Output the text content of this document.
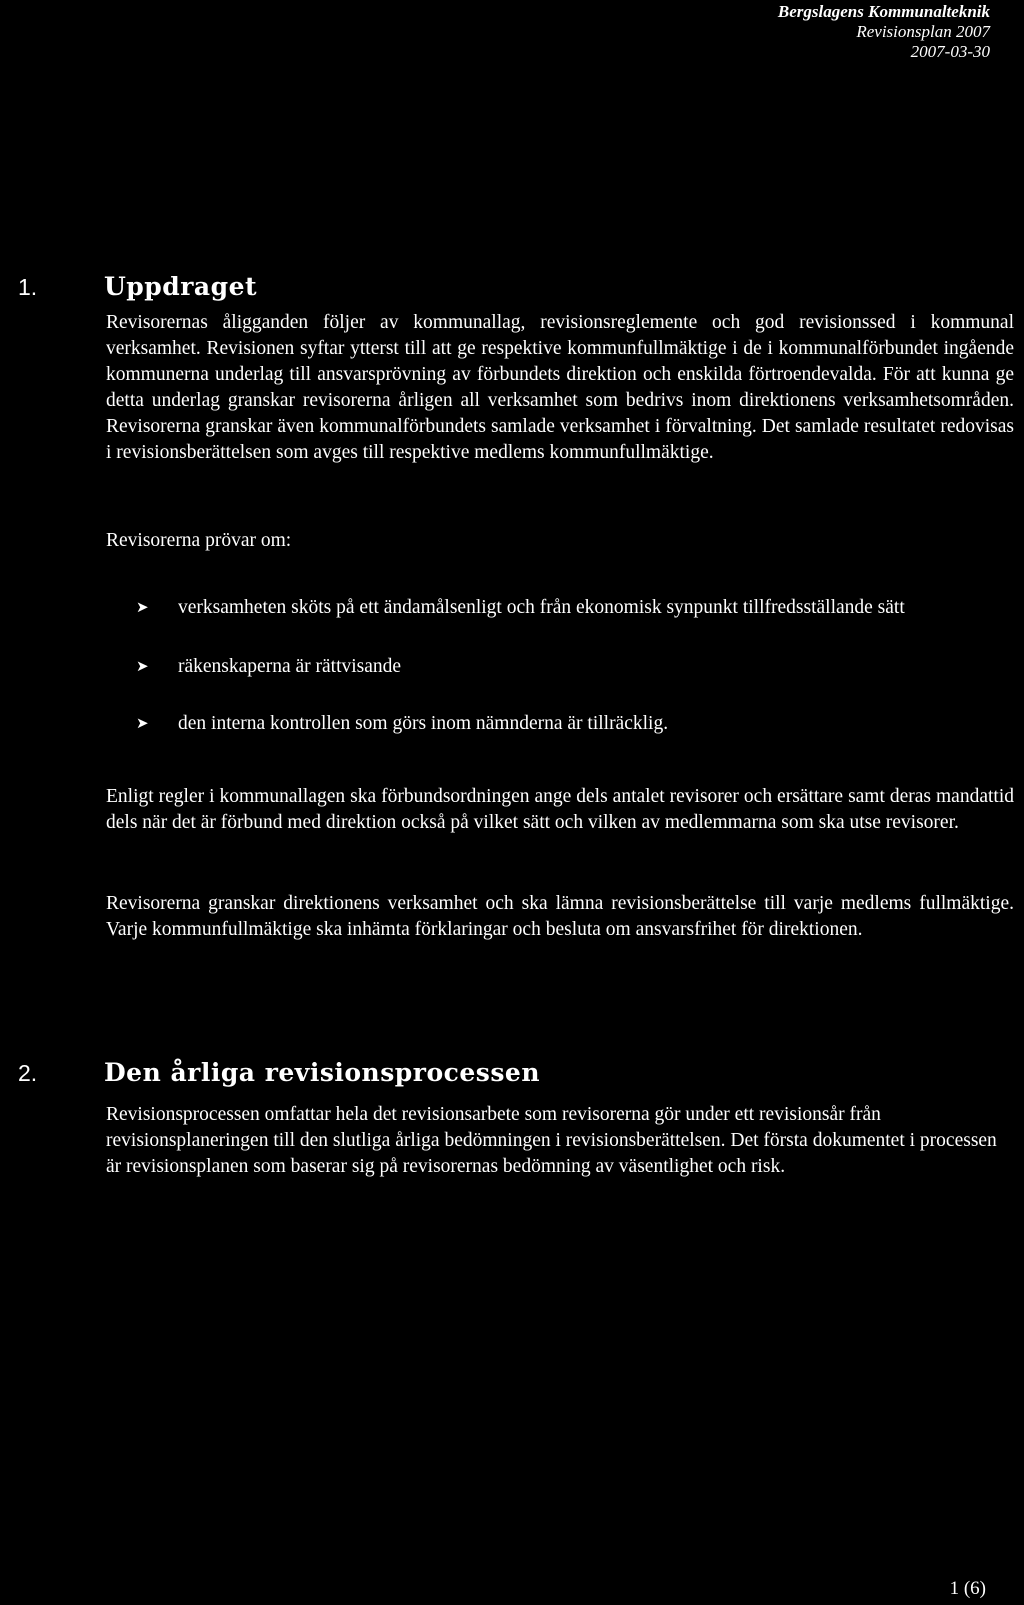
Bergslagens Kommunalteknik
Revisionsplan 2007
2007-03-30
1.	Uppdraget

Revisorernas åligganden följer av kommunallag, revisionsreglemente och god revisionssed i kommunal verksamhet. Revisionen syftar ytterst till att ge respektive kommunfullmäktige i de i kommunalförbundet ingående kommunerna underlag till ansvarsprövning av förbundets direktion och enskilda förtroendevalda. För att kunna ge detta underlag granskar revisorerna årligen all verksamhet som bedrivs inom direktionens verksamhetsområden. Revisorerna granskar även kommunalförbundets samlade verksamhet i förvaltning. Det samlade resultatet redovisas i revisionsberättelsen som avges till respektive medlems kommunfullmäktige.

Revisorerna prövar om:

➤	verksamheten sköts på ett ändamålsenligt och från ekonomisk synpunkt tillfredsställande sätt
➤	räkenskaperna är rättvisande
➤	den interna kontrollen som görs inom nämnderna är tillräcklig.

Enligt regler i kommunallagen ska förbundsordningen ange dels antalet revisorer och ersättare samt deras mandattid dels när det är förbund med direktion också på vilket sätt och vilken av medlemmarna som ska utse revisorer.

Revisorerna granskar direktionens verksamhet och ska lämna revisionsberättelse till varje medlems fullmäktige. Varje kommunfullmäktige ska inhämta förklaringar och besluta om ansvarsfrihet för direktionen.

2.	Den årliga revisionsprocessen

Revisionsprocessen omfattar hela det revisionsarbete som revisorerna gör under ett revisionsår från revisionsplaneringen till den slutliga årliga bedömningen i revisionsberättelsen. Det första dokumentet i processen är revisionsplanen som baserar sig på revisorernas bedömning av väsentlighet och risk.

1 (6)
